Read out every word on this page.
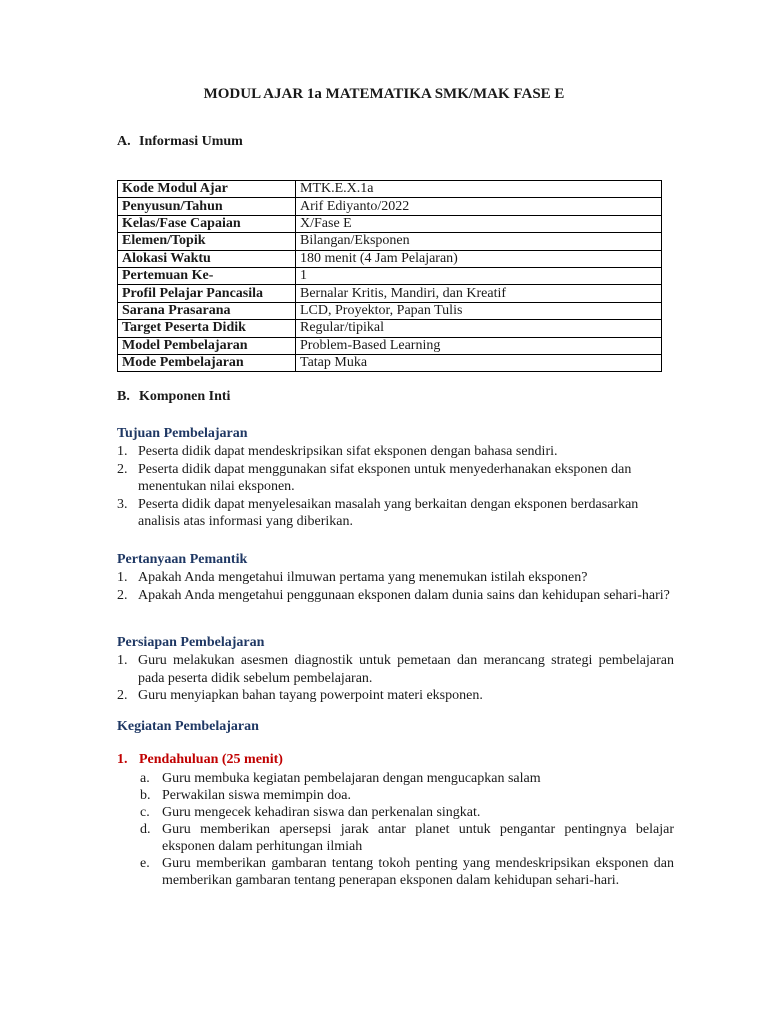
MODUL AJAR 1a MATEMATIKA SMK/MAK FASE E
A. Informasi Umum
Kode Modul Ajar	MTK.E.X.1a
Penyusun/Tahun	Arif Ediyanto/2022
Kelas/Fase Capaian	X/Fase E
Elemen/Topik	Bilangan/Eksponen
Alokasi Waktu	180 menit (4 Jam Pelajaran)
Pertemuan Ke-	1
Profil Pelajar Pancasila	Bernalar Kritis, Mandiri, dan Kreatif
Sarana Prasarana	LCD, Proyektor, Papan Tulis
Target Peserta Didik	Regular/tipikal
Model Pembelajaran	Problem-Based Learning
Mode Pembelajaran	Tatap Muka
B. Komponen Inti
Tujuan Pembelajaran
1. Peserta didik dapat mendeskripsikan sifat eksponen dengan bahasa sendiri.
2. Peserta didik dapat menggunakan sifat eksponen untuk menyederhanakan eksponen dan menentukan nilai eksponen.
3. Peserta didik dapat menyelesaikan masalah yang berkaitan dengan eksponen berdasarkan analisis atas informasi yang diberikan.
Pertanyaan Pemantik
1. Apakah Anda mengetahui ilmuwan pertama yang menemukan istilah eksponen?
2. Apakah Anda mengetahui penggunaan eksponen dalam dunia sains dan kehidupan sehari-hari?
Persiapan Pembelajaran
1. Guru melakukan asesmen diagnostik untuk pemetaan dan merancang strategi pembelajaran pada peserta didik sebelum pembelajaran.
2. Guru menyiapkan bahan tayang powerpoint materi eksponen.
Kegiatan Pembelajaran
1. Pendahuluan (25 menit)
a. Guru membuka kegiatan pembelajaran dengan mengucapkan salam
b. Perwakilan siswa memimpin doa.
c. Guru mengecek kehadiran siswa dan perkenalan singkat.
d. Guru memberikan apersepsi jarak antar planet untuk pengantar pentingnya belajar eksponen dalam perhitungan ilmiah
e. Guru memberikan gambaran tentang tokoh penting yang mendeskripsikan eksponen dan memberikan gambaran tentang penerapan eksponen dalam kehidupan sehari-hari.
